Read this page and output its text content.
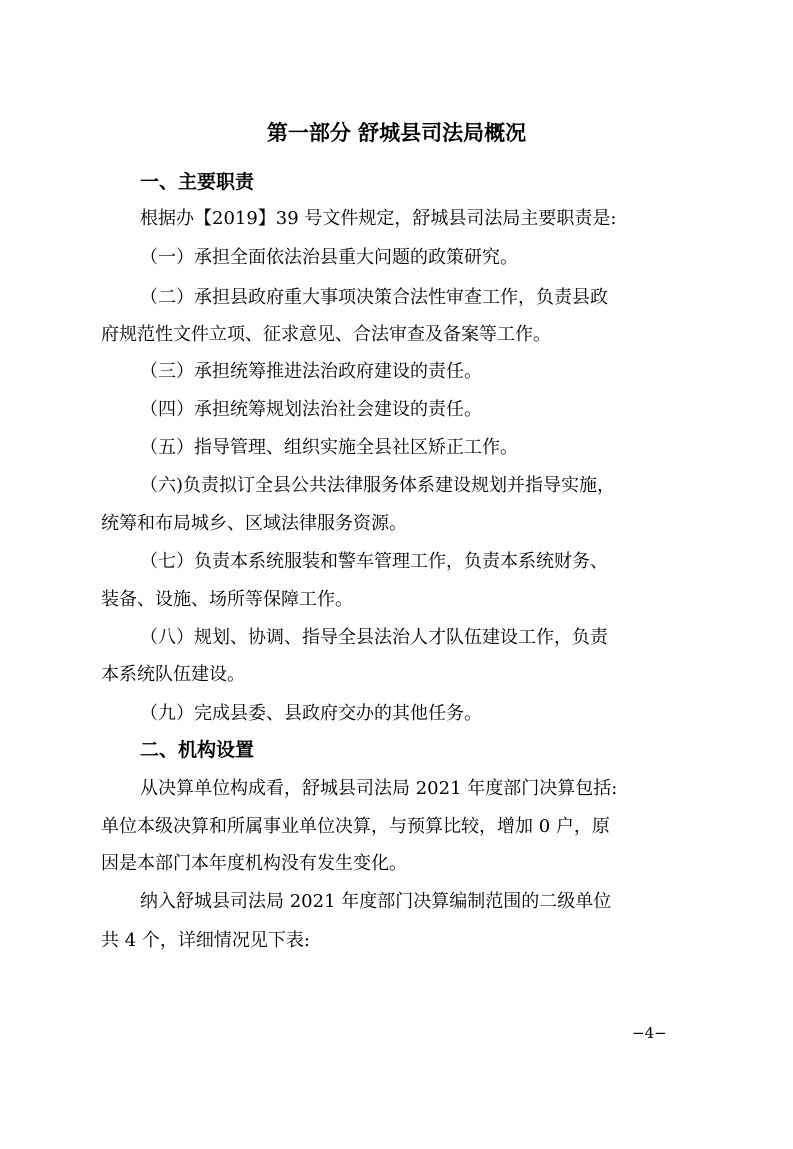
第一部分 舒城县司法局概况
一、主要职责
根据办【2019】39 号文件规定，舒城县司法局主要职责是:
（一）承担全面依法治县重大问题的政策研究。
（二）承担县政府重大事项决策合法性审查工作，负责县政
府规范性文件立项、征求意见、合法审查及备案等工作。
（三）承担统筹推进法治政府建设的责任。
（四）承担统筹规划法治社会建设的责任。
（五）指导管理、组织实施全县社区矫正工作。
（六)负责拟订全县公共法律服务体系建设规划并指导实施，
统筹和布局城乡、区域法律服务资源。
（七）负责本系统服装和警车管理工作，负责本系统财务、
装备、设施、场所等保障工作。
（八）规划、协调、指导全县法治人才队伍建设工作，负责
本系统队伍建设。
（九）完成县委、县政府交办的其他任务。
二、机构设置
从决算单位构成看，舒城县司法局 2021 年度部门决算包括:
单位本级决算和所属事业单位决算，与预算比较，增加 0 户，原
因是本部门本年度机构没有发生变化。
纳入舒城县司法局 2021 年度部门决算编制范围的二级单位
共 4 个，详细情况见下表:
−4−
